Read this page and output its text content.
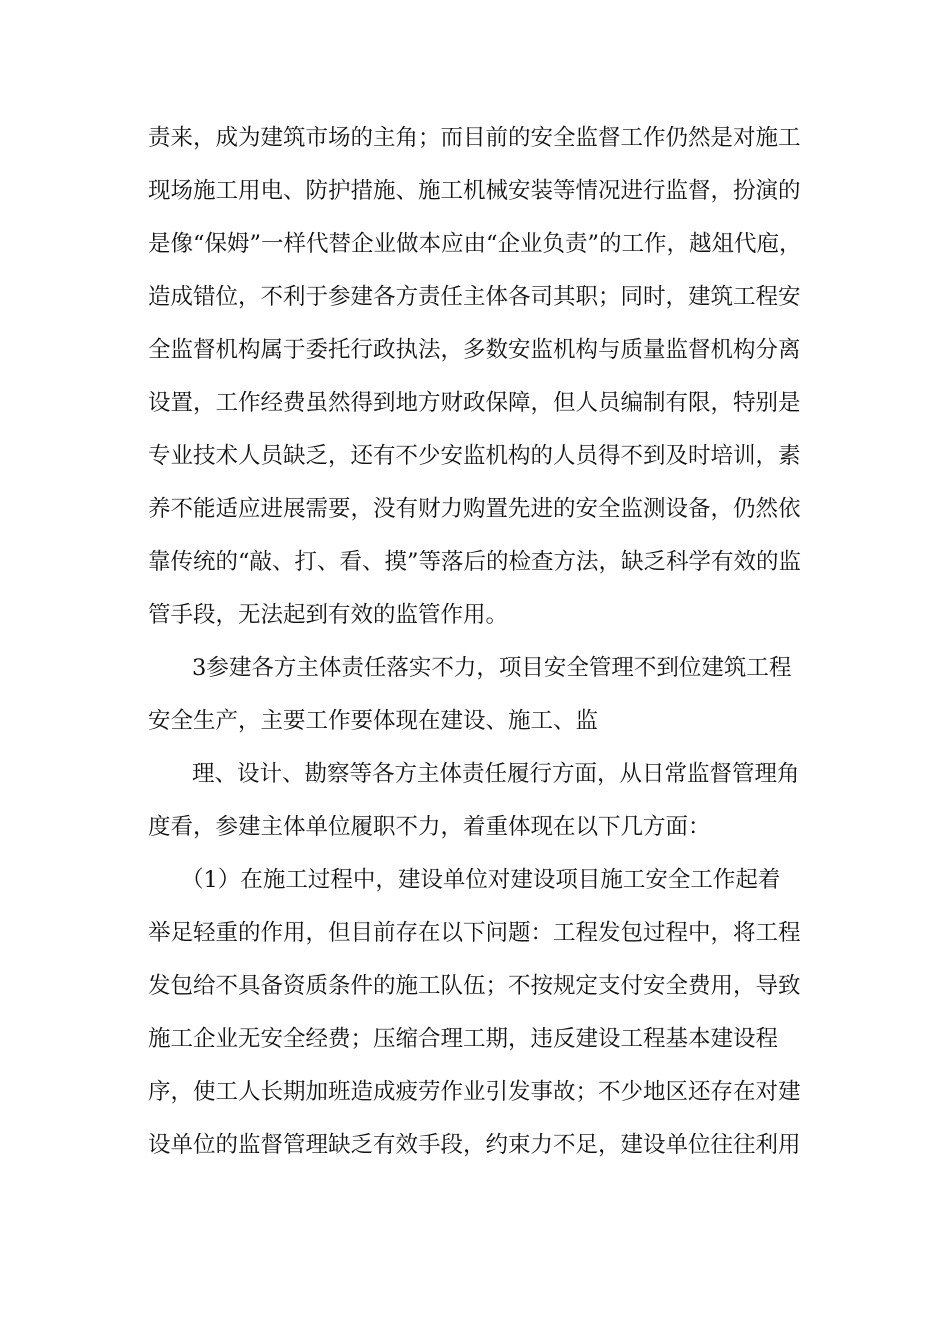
责来，成为建筑市场的主角；而目前的安全监督工作仍然是对施工

现场施工用电、防护措施、施工机械安装等情况进行监督，扮演的

是像“保姆”一样代替企业做本应由“企业负责”的工作，越俎代庖，

造成错位，不利于参建各方责任主体各司其职；同时，建筑工程安

全监督机构属于委托行政执法，多数安监机构与质量监督机构分离

设置，工作经费虽然得到地方财政保障，但人员编制有限，特别是

专业技术人员缺乏，还有不少安监机构的人员得不到及时培训，素

养不能适应进展需要，没有财力购置先进的安全监测设备，仍然依

靠传统的“敲、打、看、摸”等落后的检查方法，缺乏科学有效的监

管手段，无法起到有效的监管作用。

3参建各方主体责任落实不力，项目安全管理不到位建筑工程

安全生产，主要工作要体现在建设、施工、监

理、设计、勘察等各方主体责任履行方面，从日常监督管理角

度看，参建主体单位履职不力，着重体现在以下几方面：

（1）在施工过程中，建设单位对建设项目施工安全工作起着

举足轻重的作用，但目前存在以下问题：工程发包过程中，将工程

发包给不具备资质条件的施工队伍；不按规定支付安全费用，导致

施工企业无安全经费；压缩合理工期，违反建设工程基本建设程

序，使工人长期加班造成疲劳作业引发事故；不少地区还存在对建

设单位的监督管理缺乏有效手段，约束力不足，建设单位往往利用
